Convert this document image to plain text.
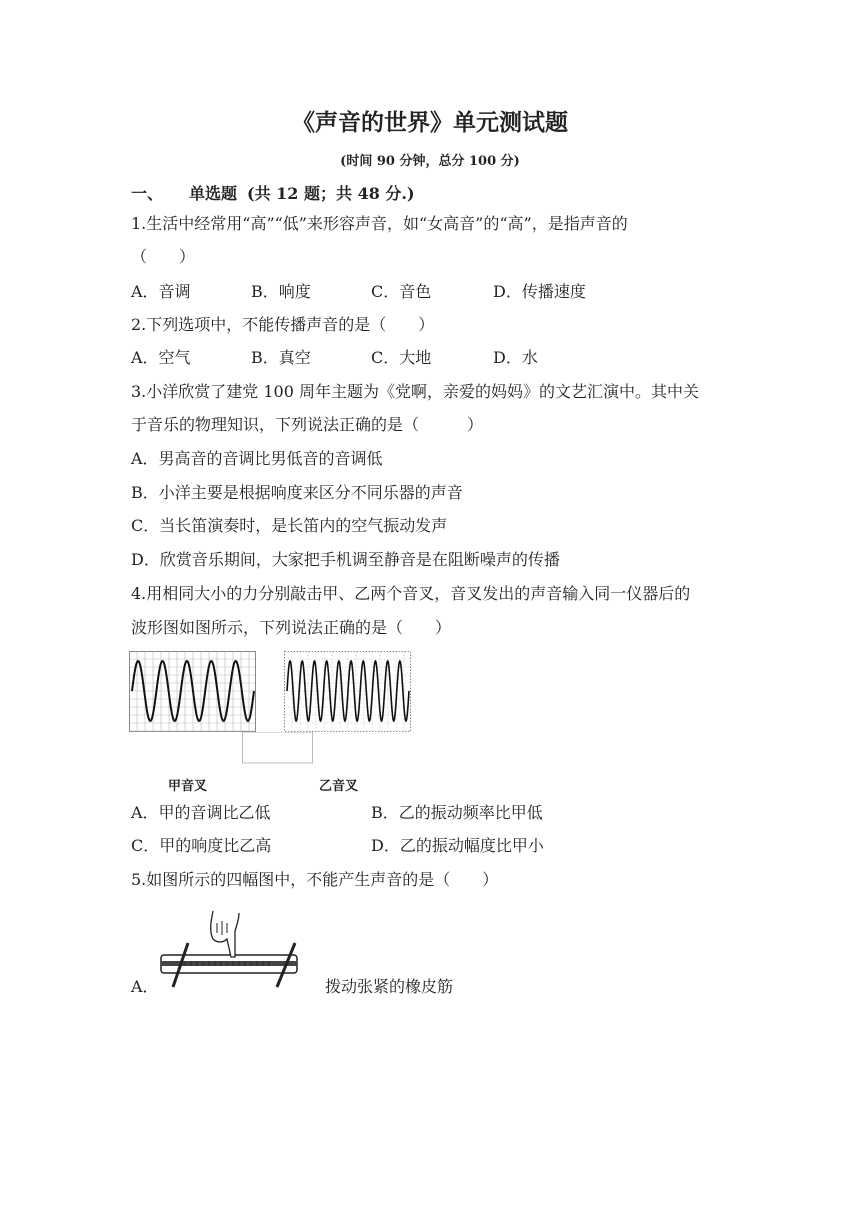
《声音的世界》单元测试题
(时间 90 分钟，总分 100 分)
一、 单选题 (共 12 题；共 48 分.)
1.生活中经常用“高”“低”来形容声音，如“女高音”的“高”，是指声音的
（　　）
A．音调	B．响度	C．音色	D．传播速度
2.下列选项中，不能传播声音的是（　　）
A．空气	B．真空	C．大地	D．水
3.小洋欣赏了建党 100 周年主题为《党啊，亲爱的妈妈》的文艺汇演中。其中关
于音乐的物理知识，下列说法正确的是（　　　）
A．男高音的音调比男低音的音调低
B．小洋主要是根据响度来区分不同乐器的声音
C．当长笛演奏时，是长笛内的空气振动发声
D．欣赏音乐期间，大家把手机调至静音是在阻断噪声的传播
4.用相同大小的力分别敲击甲、乙两个音叉，音叉发出的声音输入同一仪器后的
波形图如图所示，下列说法正确的是（　　）
甲音叉	乙音叉
A．甲的音调比乙低	B．乙的振动频率比甲低
C．甲的响度比乙高	D．乙的振动幅度比甲小
5.如图所示的四幅图中，不能产生声音的是（　　）
A．	拨动张紧的橡皮筋
